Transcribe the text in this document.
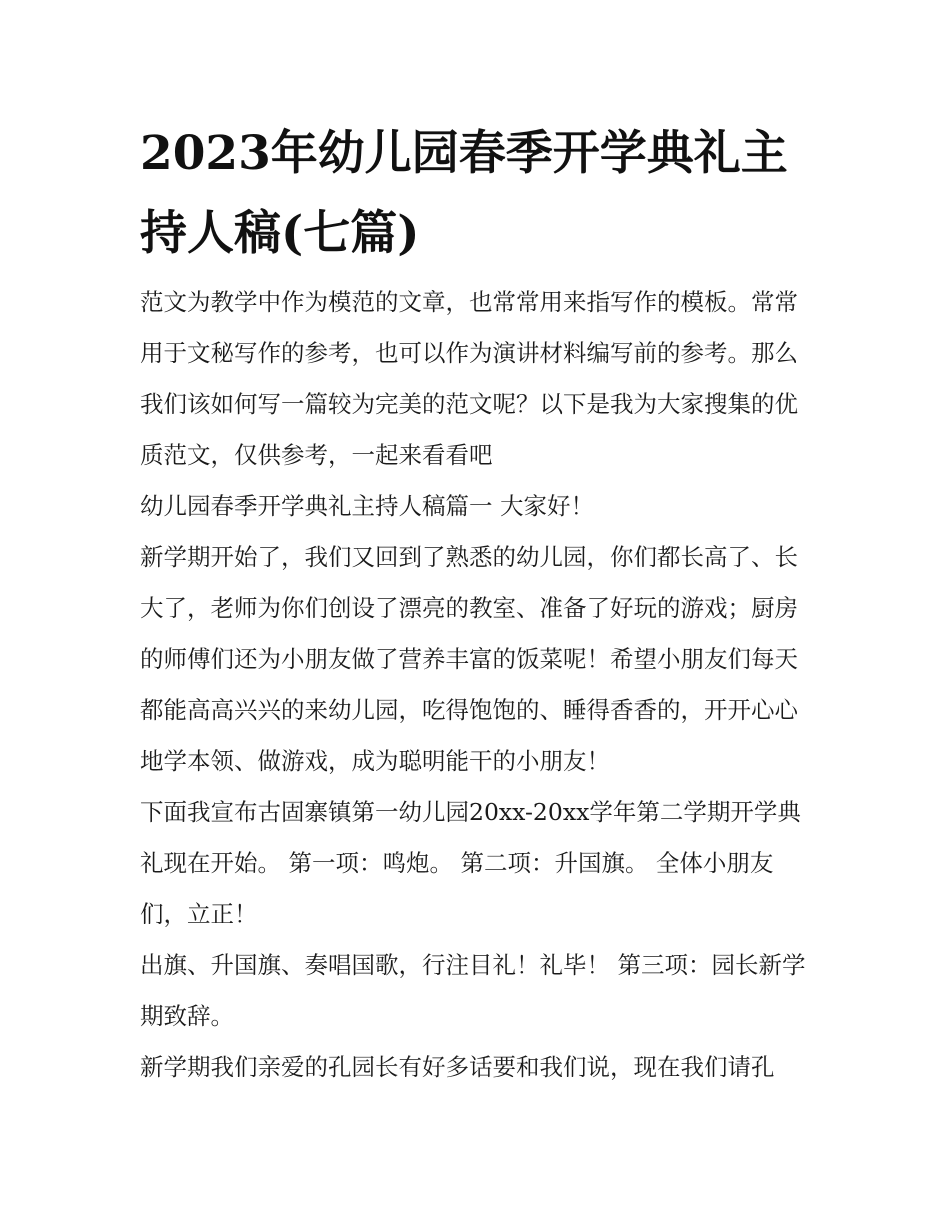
2023年幼儿园春季开学典礼主持人稿(七篇)

范文为教学中作为模范的文章，也常常用来指写作的模板。常常用于文秘写作的参考，也可以作为演讲材料编写前的参考。那么我们该如何写一篇较为完美的范文呢？以下是我为大家搜集的优质范文，仅供参考，一起来看看吧

幼儿园春季开学典礼主持人稿篇一 大家好！

新学期开始了，我们又回到了熟悉的幼儿园，你们都长高了、长大了，老师为你们创设了漂亮的教室、准备了好玩的游戏；厨房的师傅们还为小朋友做了营养丰富的饭菜呢！希望小朋友们每天都能高高兴兴的来幼儿园，吃得饱饱的、睡得香香的，开开心心地学本领、做游戏，成为聪明能干的小朋友！

下面我宣布古固寨镇第一幼儿园20xx-20xx学年第二学期开学典礼现在开始。 第一项：鸣炮。 第二项：升国旗。 全体小朋友们，立正！

出旗、升国旗、奏唱国歌，行注目礼！礼毕！ 第三项：园长新学期致辞。

新学期我们亲爱的孔园长有好多话要和我们说，现在我们请孔
